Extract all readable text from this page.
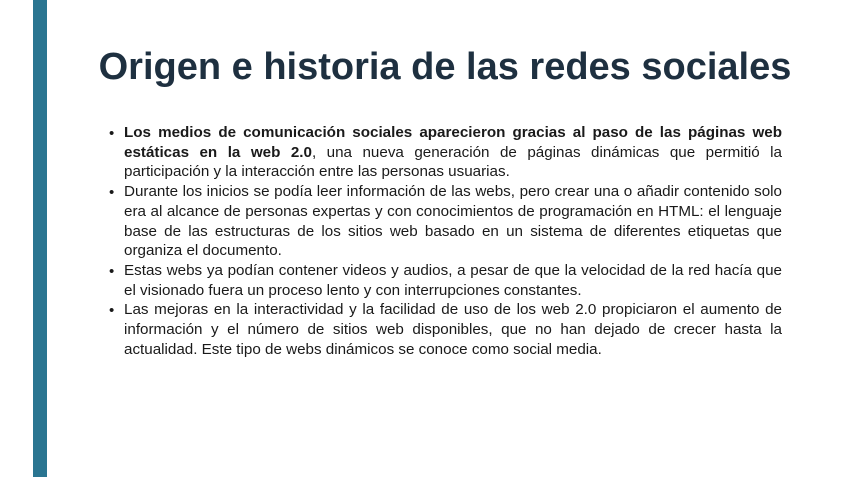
Origen e historia de las redes sociales
• Los medios de comunicación sociales aparecieron gracias al paso de las páginas web estáticas en la web 2.0, una nueva generación de páginas dinámicas que permitió la participación y la interacción entre las personas usuarias.
• Durante los inicios se podía leer información de las webs, pero crear una o añadir contenido solo era al alcance de personas expertas y con conocimientos de programación en HTML: el lenguaje base de las estructuras de los sitios web basado en un sistema de diferentes etiquetas que organiza el documento.
• Estas webs ya podían contener videos y audios, a pesar de que la velocidad de la red hacía que el visionado fuera un proceso lento y con interrupciones constantes.
• Las mejoras en la interactividad y la facilidad de uso de los web 2.0 propiciaron el aumento de información y el número de sitios web disponibles, que no han dejado de crecer hasta la actualidad. Este tipo de webs dinámicos se conoce como social media.
